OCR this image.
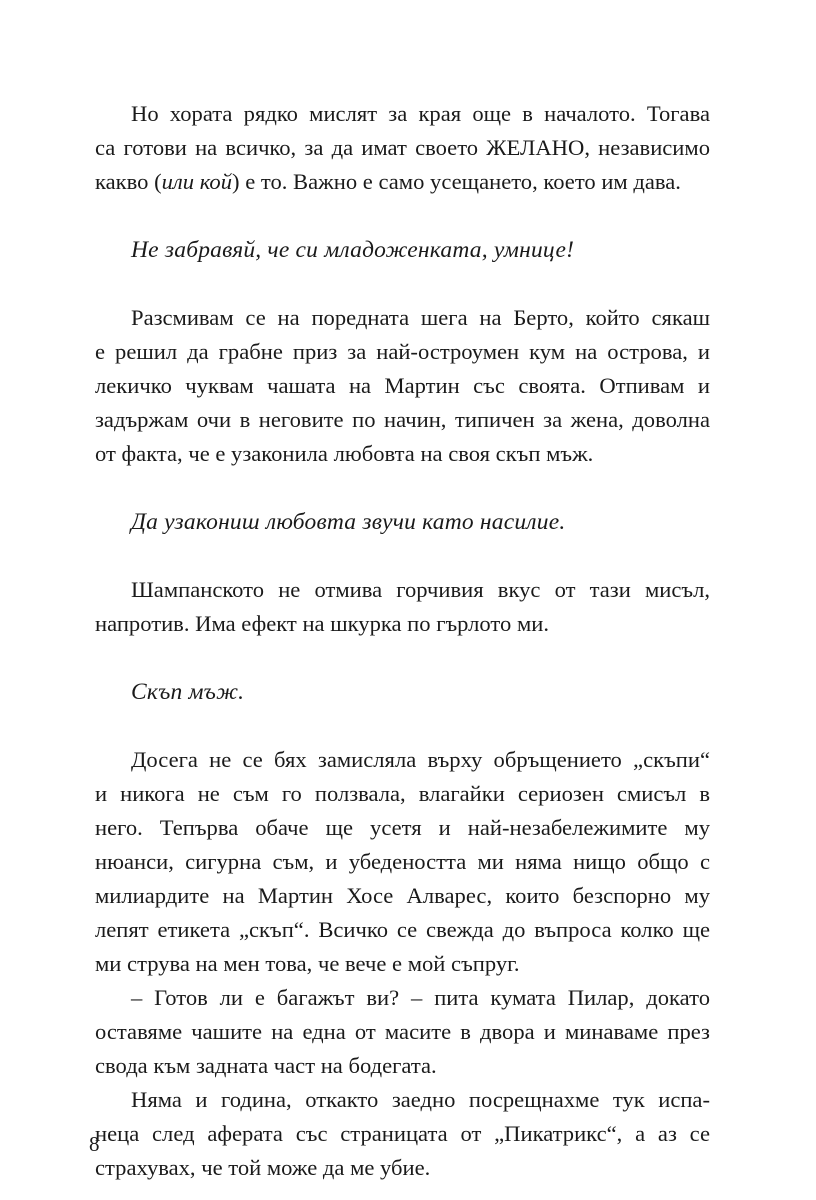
Но хората рядко мислят за края още в началото. Тогава
са готови на всичко, за да имат своето ЖЕЛАНО, независимо
какво (или кой) е то. Важно е само усещането, което им дава.
Не забравяй, че си младоженката, умнице!
Разсмивам се на поредната шега на Берто, който сякаш
е решил да грабне приз за най-остроумен кум на острова, и
лекичко чуквам чашата на Мартин със своята. Отпивам и
задържам очи в неговите по начин, типичен за жена, доволна
от факта, че е узаконила любовта на своя скъп мъж.
Да узакониш любовта звучи като насилие.
Шампанското не отмива горчивия вкус от тази мисъл,
напротив. Има ефект на шкурка по гърлото ми.
Скъп мъж.
Досега не се бях замисляла върху обръщението „скъпи“
и никога не съм го ползвала, влагайки сериозен смисъл в
него. Тепърва обаче ще усетя и най-незабележимите му
нюанси, сигурна съм, и убедеността ми няма нищо общо с
милиардите на Мартин Хосе Алварес, които безспорно му
лепят етикета „скъп“. Всичко се свежда до въпроса колко ще
ми струва на мен това, че вече е мой съпруг.
– Готов ли е багажът ви? – пита кумата Пилар, докато
оставяме чашите на една от масите в двора и минаваме през
свода към задната част на бодегата.
Няма и година, откакто заедно посрещнахме тук испа-
неца след аферата със страницата от „Пикатрикс“, а аз се
страхувах, че той може да ме убие.
8
